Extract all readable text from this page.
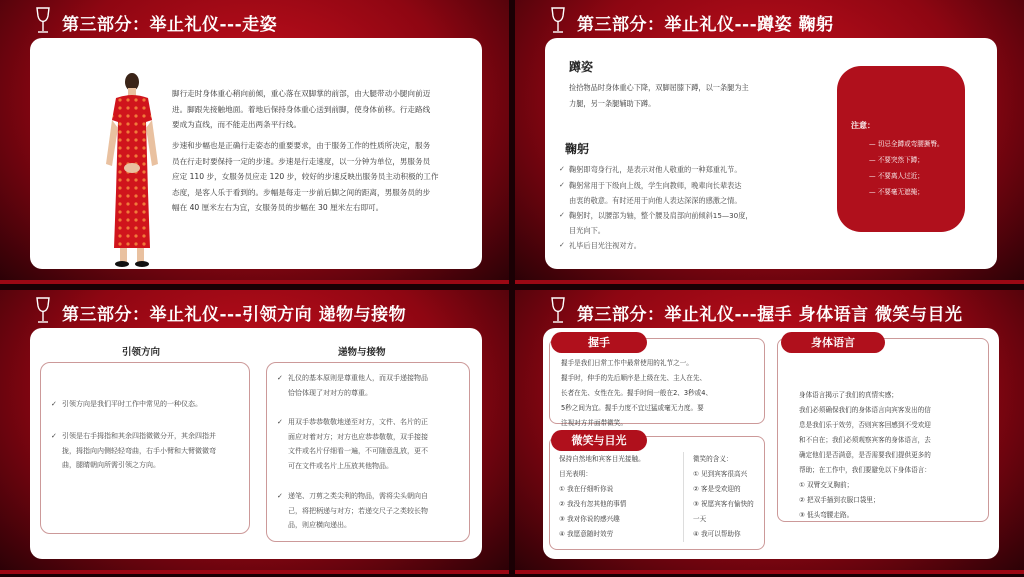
第三部分：举止礼仪---走姿
脚行走时身体重心稍向前倾，重心落在双脚掌的前部，由大腿带动小腿向前迈
进。脚跟先接触地面。着地后保持身体重心送到前脚，使身体前移。行走路线
要成为直线，而不能走出两条平行线。
步速和步幅也是正确行走姿态的重要要求，由于服务工作的性质所决定，服务
员在行走时要保持一定的步速。步速是行走速度，以一分钟为单位，男服务员
应定 110 步，女服务员应走 120 步，较好的步速反映出服务员主动积极的工作
态度，是客人乐于看到的。步幅是每走一步前后脚之间的距离，男服务员的步
幅在 40 厘米左右为宜，女服务员的步幅在 30 厘米左右即可。
第三部分：举止礼仪---蹲姿 鞠躬
蹲姿
捡拾物品时身体重心下降，双脚屈膝下蹲，以一条腿为主
力腿，另一条腿辅助下蹲。
鞠躬
✓ 鞠躬即弯身行礼，是表示对他人敬重的一种郑重礼节。
✓ 鞠躬常用于下级向上级，学生向教师，晚辈向长辈表达
由衷的敬意。有时还用于向他人表达深深的感激之情。
✓ 鞠躬时，以腰部为轴，整个腰及肩部向前倾斜15—30度，
目光向下。
✓ 礼毕后目光注视对方。
注意：
— 切忌全蹲或弯腰撅臀。
— 不要突然下蹲；
— 不要离人过近；
— 不要毫无遮掩；
第三部分：举止礼仪---引领方向 递物与接物
引领方向	递物与接物
✓ 引领方向是我们平时工作中常见的一种仪态。
✓ 引领是右手拇指和其余四指微微分开，其余四指并
拢，拇指向内侧轻轻弯曲，右手小臂和大臂微微弯
曲，腿睛朝向所需引领之方向。
✓ 礼仪的基本原则是尊重他人，而双手递接物品
恰恰体现了对对方的尊重。
✓ 用双手恭恭敬敬地递至对方，文件、名片的正
面应对着对方；对方也应恭恭敬敬，双手接接
文件或名片仔细看一遍，不可随意乱放，更不
可在文件或名片上压放其他物品。
✓ 递笔、刀剪之类尖利的物品，需将尖头朝向自
己，将把柄递与对方；若递交尺子之类较长物
品，则应横向递出。
第三部分：举止礼仪---握手 身体语言 微笑与目光
握手
握手是我们日常工作中最常使用的礼节之一。
握手时，伸手的先后顺序是上级在先、主人在先、
长者在先、女性在先。握手时间一般在2、3秒或4、
5秒之间为宜。握手力度不宜过猛或毫无力度。要
注视对方并面带微笑。
身体语言
身体语言揭示了我们的真情实感；
我们必须确保我们的身体语言向宾客发出的信
息是我们乐于效劳，否则宾客回感到不受欢迎
和不自在；我们必须观察宾客的身体语言，去
确定他们是否满意，是否需要我们提供更多的
帮助；在工作中，我们要避免以下身体语言：
① 双臂交叉胸前；
② 把双手插到衣服口袋里；
③ 低头弯腰走路。
微笑与目光
保持自然地和宾客目光接触。
目光表明：
① 我在仔细听你说
② 我没有忽其他的事情
③ 我对你说的感兴趣
④ 我愿意随时效劳
微笑的含义：
① 见到宾客很高兴
② 客是受欢迎的
③ 祝愿宾客有愉快的
一天
④ 我可以帮助你
